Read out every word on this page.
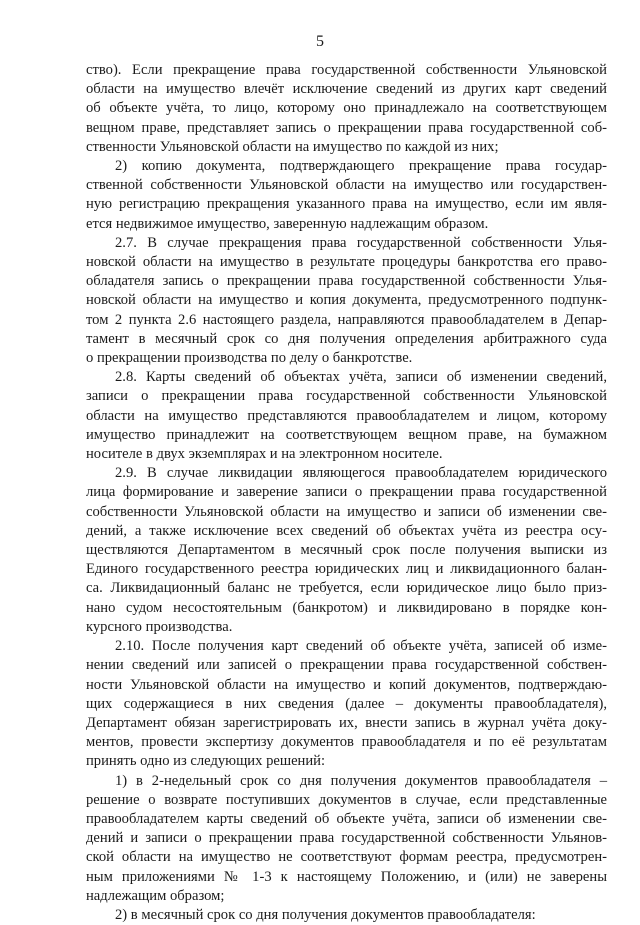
5

ство). Если прекращение права государственной собственности Ульяновской
области на имущество влечёт исключение сведений из других карт сведений
об объекте учёта, то лицо, которому оно принадлежало на соответствующем
вещном праве, представляет запись о прекращении права государственной соб-
ственности Ульяновской области на имущество по каждой из них;

2) копию документа, подтверждающего прекращение права государ-
ственной собственности Ульяновской области на имущество или государствен-
ную регистрацию прекращения указанного права на имущество, если им явля-
ется недвижимое имущество, заверенную надлежащим образом.

2.7. В случае прекращения права государственной собственности Улья-
новской области на имущество в результате процедуры банкротства его право-
обладателя запись о прекращении права государственной собственности Улья-
новской области на имущество и копия документа, предусмотренного подпунк-
том 2 пункта 2.6 настоящего раздела, направляются правообладателем в Депар-
тамент в месячный срок со дня получения определения арбитражного суда
о прекращении производства по делу о банкротстве.

2.8. Карты сведений об объектах учёта, записи об изменении сведений,
записи о прекращении права государственной собственности Ульяновской
области на имущество представляются правообладателем и лицом, которому
имущество принадлежит на соответствующем вещном праве, на бумажном
носителе в двух экземплярах и на электронном носителе.

2.9. В случае ликвидации являющегося правообладателем юридического
лица формирование и заверение записи о прекращении права государственной
собственности Ульяновской области на имущество и записи об изменении све-
дений, а также исключение всех сведений об объектах учёта из реестра осу-
ществляются Департаментом в месячный срок после получения выписки из
Единого государственного реестра юридических лиц и ликвидационного балан-
са. Ликвидационный баланс не требуется, если юридическое лицо было приз-
нано судом несостоятельным (банкротом) и ликвидировано в порядке кон-
курсного производства.

2.10. После получения карт сведений об объекте учёта, записей об изме-
нении сведений или записей о прекращении права государственной собствен-
ности Ульяновской области на имущество и копий документов, подтверждаю-
щих содержащиеся в них сведения (далее – документы правообладателя),
Департамент обязан зарегистрировать их, внести запись в журнал учёта доку-
ментов, провести экспертизу документов правообладателя и по её результатам
принять одно из следующих решений:

1) в 2-недельный срок со дня получения документов правообладателя –
решение о возврате поступивших документов в случае, если представленные
правообладателем карты сведений об объекте учёта, записи об изменении све-
дений и записи о прекращении права государственной собственности Ульянов-
ской области на имущество не соответствуют формам реестра, предусмотрен-
ным приложениями № 1-3 к настоящему Положению, и (или) не заверены
надлежащим образом;

2) в месячный срок со дня получения документов правообладателя:
